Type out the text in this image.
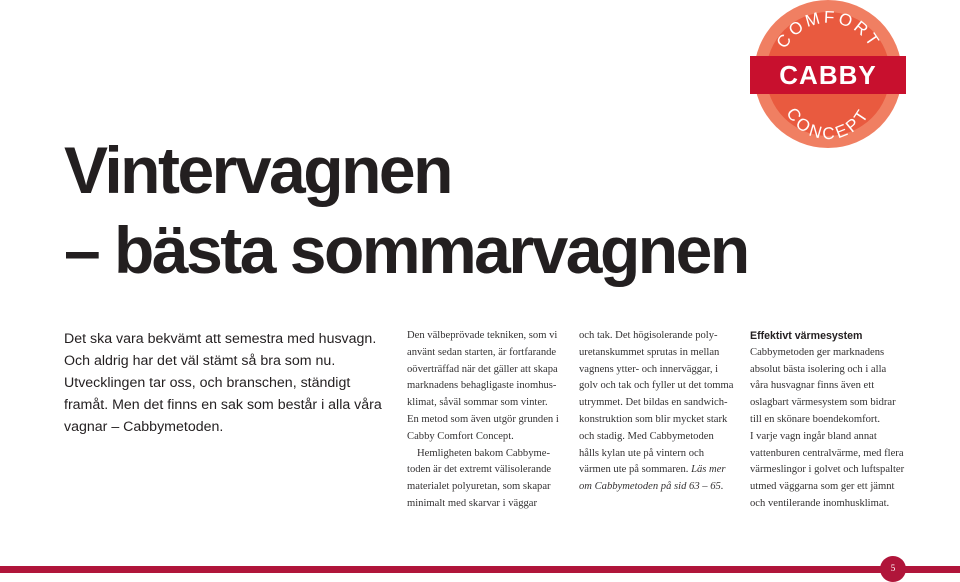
COMFORT
CABBY
CONCEPT
Vintervagnen
– bästa sommarvagnen

Det ska vara bekvämt att semestra med husvagn. Och aldrig har det väl stämt så bra som nu. Utvecklingen tar oss, och branschen, ständigt framåt. Men det finns en sak som består i alla våra vagnar – Cabbymetoden.

Den välbeprövade tekniken, som vi
använt sedan starten, är fortfarande
oöverträffad när det gäller att skapa
marknadens behagligaste inomhus-
klimat, såväl sommar som vinter.
En metod som även utgör grunden i
Cabby Comfort Concept.
Hemligheten bakom Cabbyme-
toden är det extremt välisolerande
materialet polyuretan, som skapar
minimalt med skarvar i väggar
och tak. Det högisolerande poly-
uretanskummet sprutas in mellan
vagnens ytter- och innerväggar, i
golv och tak och fyller ut det tomma
utrymmet. Det bildas en sandwich-
konstruktion som blir mycket stark
och stadig. Med Cabbymetoden
hålls kylan ute på vintern och
värmen ute på sommaren. Läs mer
om Cabbymetoden på sid 63 – 65.
Effektivt värmesystem
Cabbymetoden ger marknadens
absolut bästa isolering och i alla
våra husvagnar finns även ett
oslagbart värmesystem som bidrar
till en skönare boendekomfort.
I varje vagn ingår bland annat
vattenburen centralvärme, med flera
värmeslingor i golvet och luftspalter
utmed väggarna som ger ett jämnt
och ventilerande inomhusklimat.
5
